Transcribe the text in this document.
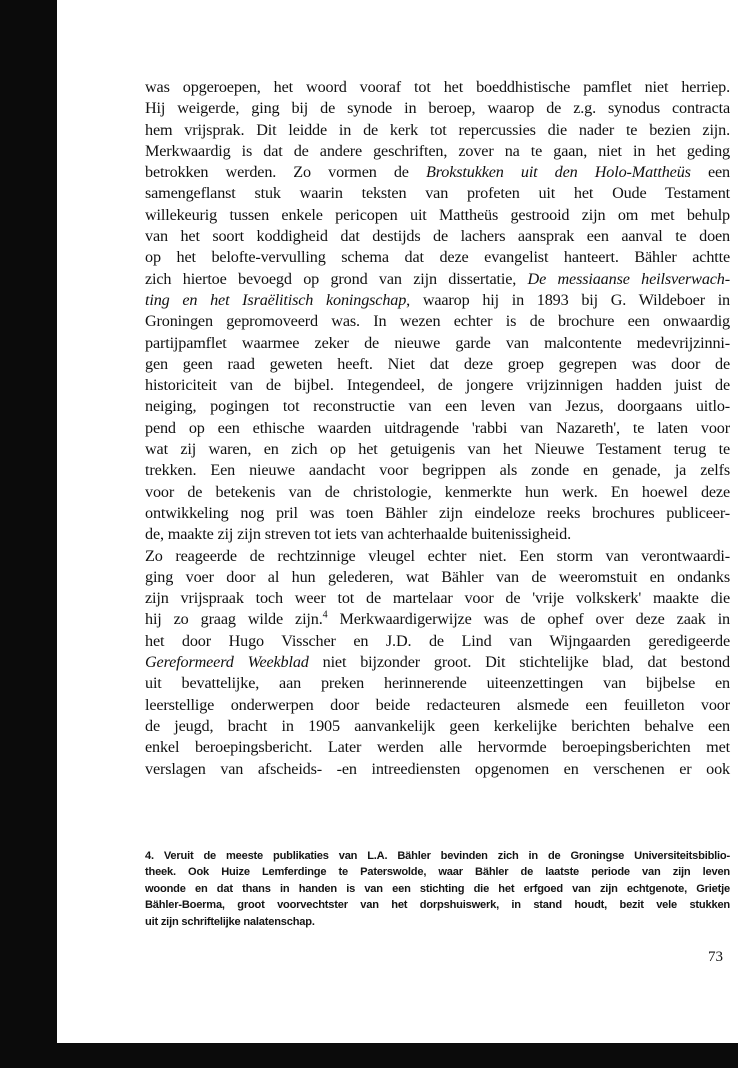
was opgeroepen, het woord vooraf tot het boeddhistische pamflet niet herriep.
Hij weigerde, ging bij de synode in beroep, waarop de z.g. synodus contracta
hem vrijsprak. Dit leidde in de kerk tot repercussies die nader te bezien zijn.
Merkwaardig is dat de andere geschriften, zover na te gaan, niet in het geding
betrokken werden. Zo vormen de Brokstukken uit den Holo-Mattheüs een
samengeflanst stuk waarin teksten van profeten uit het Oude Testament
willekeurig tussen enkele pericopen uit Mattheüs gestrooid zijn om met behulp
van het soort koddigheid dat destijds de lachers aansprak een aanval te doen
op het belofte-vervulling schema dat deze evangelist hanteert. Bähler achtte
zich hiertoe bevoegd op grond van zijn dissertatie, De messiaanse heilsverwach-
ting en het Israëlitisch koningschap, waarop hij in 1893 bij G. Wildeboer in
Groningen gepromoveerd was. In wezen echter is de brochure een onwaardig
partijpamflet waarmee zeker de nieuwe garde van malcontente medevrijzinni-
gen geen raad geweten heeft. Niet dat deze groep gegrepen was door de
historiciteit van de bijbel. Integendeel, de jongere vrijzinnigen hadden juist de
neiging, pogingen tot reconstructie van een leven van Jezus, doorgaans uitlo-
pend op een ethische waarden uitdragende 'rabbi van Nazareth', te laten voor
wat zij waren, en zich op het getuigenis van het Nieuwe Testament terug te
trekken. Een nieuwe aandacht voor begrippen als zonde en genade, ja zelfs
voor de betekenis van de christologie, kenmerkte hun werk. En hoewel deze
ontwikkeling nog pril was toen Bähler zijn eindeloze reeks brochures publiceer-
de, maakte zij zijn streven tot iets van achterhaalde buitenissigheid.
Zo reageerde de rechtzinnige vleugel echter niet. Een storm van verontwaardi-
ging voer door al hun gelederen, wat Bähler van de weeromstuit en ondanks
zijn vrijspraak toch weer tot de martelaar voor de 'vrije volkskerk' maakte die
hij zo graag wilde zijn.$^4$ Merkwaardigerwijze was de ophef over deze zaak in
het door Hugo Visscher en J.D. de Lind van Wijngaarden geredigeerde
Gereformeerd Weekblad niet bijzonder groot. Dit stichtelijke blad, dat bestond
uit bevattelijke, aan preken herinnerende uiteenzettingen van bijbelse en
leerstellige onderwerpen door beide redacteuren alsmede een feuilleton voor
de jeugd, bracht in 1905 aanvankelijk geen kerkelijke berichten behalve een
enkel beroepingsbericht. Later werden alle hervormde beroepingsberichten met
verslagen van afscheids- -en intreediensten opgenomen en verschenen er ook
4. Veruit de meeste publikaties van L.A. Bähler bevinden zich in de Groningse Universiteitsbiblio-
theek. Ook Huize Lemferdinge te Paterswolde, waar Bähler de laatste periode van zijn leven
woonde en dat thans in handen is van een stichting die het erfgoed van zijn echtgenote, Grietje
Bähler-Boerma, groot voorvechtster van het dorpshuiswerk, in stand houdt, bezit vele stukken
uit zijn schriftelijke nalatenschap.
73
